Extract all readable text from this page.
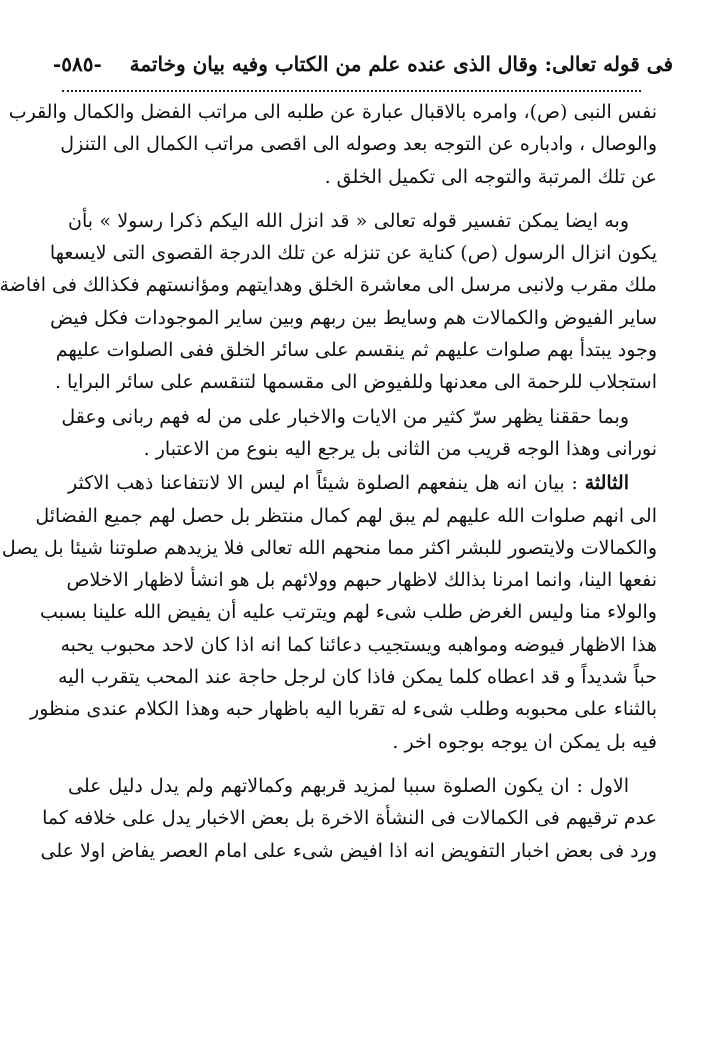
فى قوله تعالى: وقال الذى عنده علم من الكتاب وفيه بيان وخاتمة    -٥٨٥-
نفس النبى (ص)، وامره بالاقبال عبارة عن طلبه الى مراتب الفضل والكمال والقرب
والوصال ، وادباره عن التوجه بعد وصوله الى اقصى مراتب الكمال الى التنزل
عن تلك المرتبة والتوجه الى تكميل الخلق .
وبه ايضا يمكن تفسير قوله تعالى « قد انزل الله اليكم ذكرا رسولا » بأن
يكون انزال الرسول (ص) كناية عن تنزله عن تلك الدرجة القصوى التى لايسعها
ملك مقرب ولانبى مرسل الى معاشرة الخلق وهدايتهم ومؤانستهم فكذالك فى افاضة
ساير الفيوض والكمالات هم وسايط بين ربهم وبين ساير الموجودات فكل فيض
وجود يبتدأ بهم صلوات عليهم ثم ينقسم على سائر الخلق ففى الصلوات عليهم
استجلاب للرحمة الى معدنها وللفيوض الى مقسمها لتنقسم على سائر البرايا .
وبما حققنا يظهر سرّ كثير من الايات والاخبار على من له فهم ربانى وعقل
نورانى وهذا الوجه قريب من الثانى بل يرجع اليه بنوع من الاعتبار .
الثالثة : بيان انه هل ينفعهم الصلوة شيئاً ام ليس الا لانتفاعنا ذهب الاكثر
الى انهم صلوات الله عليهم لم يبق لهم كمال منتظر بل حصل لهم جميع الفضائل
والكمالات ولايتصور للبشر اكثر مما منحهم الله تعالى فلا يزيدهم صلوتنا شيئا بل يصل
نفعها الينا، وانما امرنا بذالك لاظهار حبهم وولائهم بل هو انشأ لاظهار الاخلاص
والولاء منا وليس الغرض طلب شىء لهم ويترتب عليه أن يفيض الله علينا بسبب
هذا الاظهار فيوضه ومواهبه ويستجيب دعائنا كما انه اذا كان لاحد محبوب يحبه
حباً شديداً و قد اعطاه كلما يمكن فاذا كان لرجل حاجة عند المحب يتقرب اليه
بالثناء على محبوبه وطلب شىء له تقربا اليه باظهار حبه وهذا الكلام عندى منظور
فيه بل يمكن ان يوجه بوجوه اخر .
الاول : ان يكون الصلوة سببا لمزيد قربهم وكمالاتهم ولم يدل دليل على
عدم ترقيهم فى الكمالات فى النشأة الاخرة بل بعض الاخبار يدل على خلافه كما
ورد فى بعض اخبار التفويض انه اذا افيض شىء على امام العصر يفاض اولا على
